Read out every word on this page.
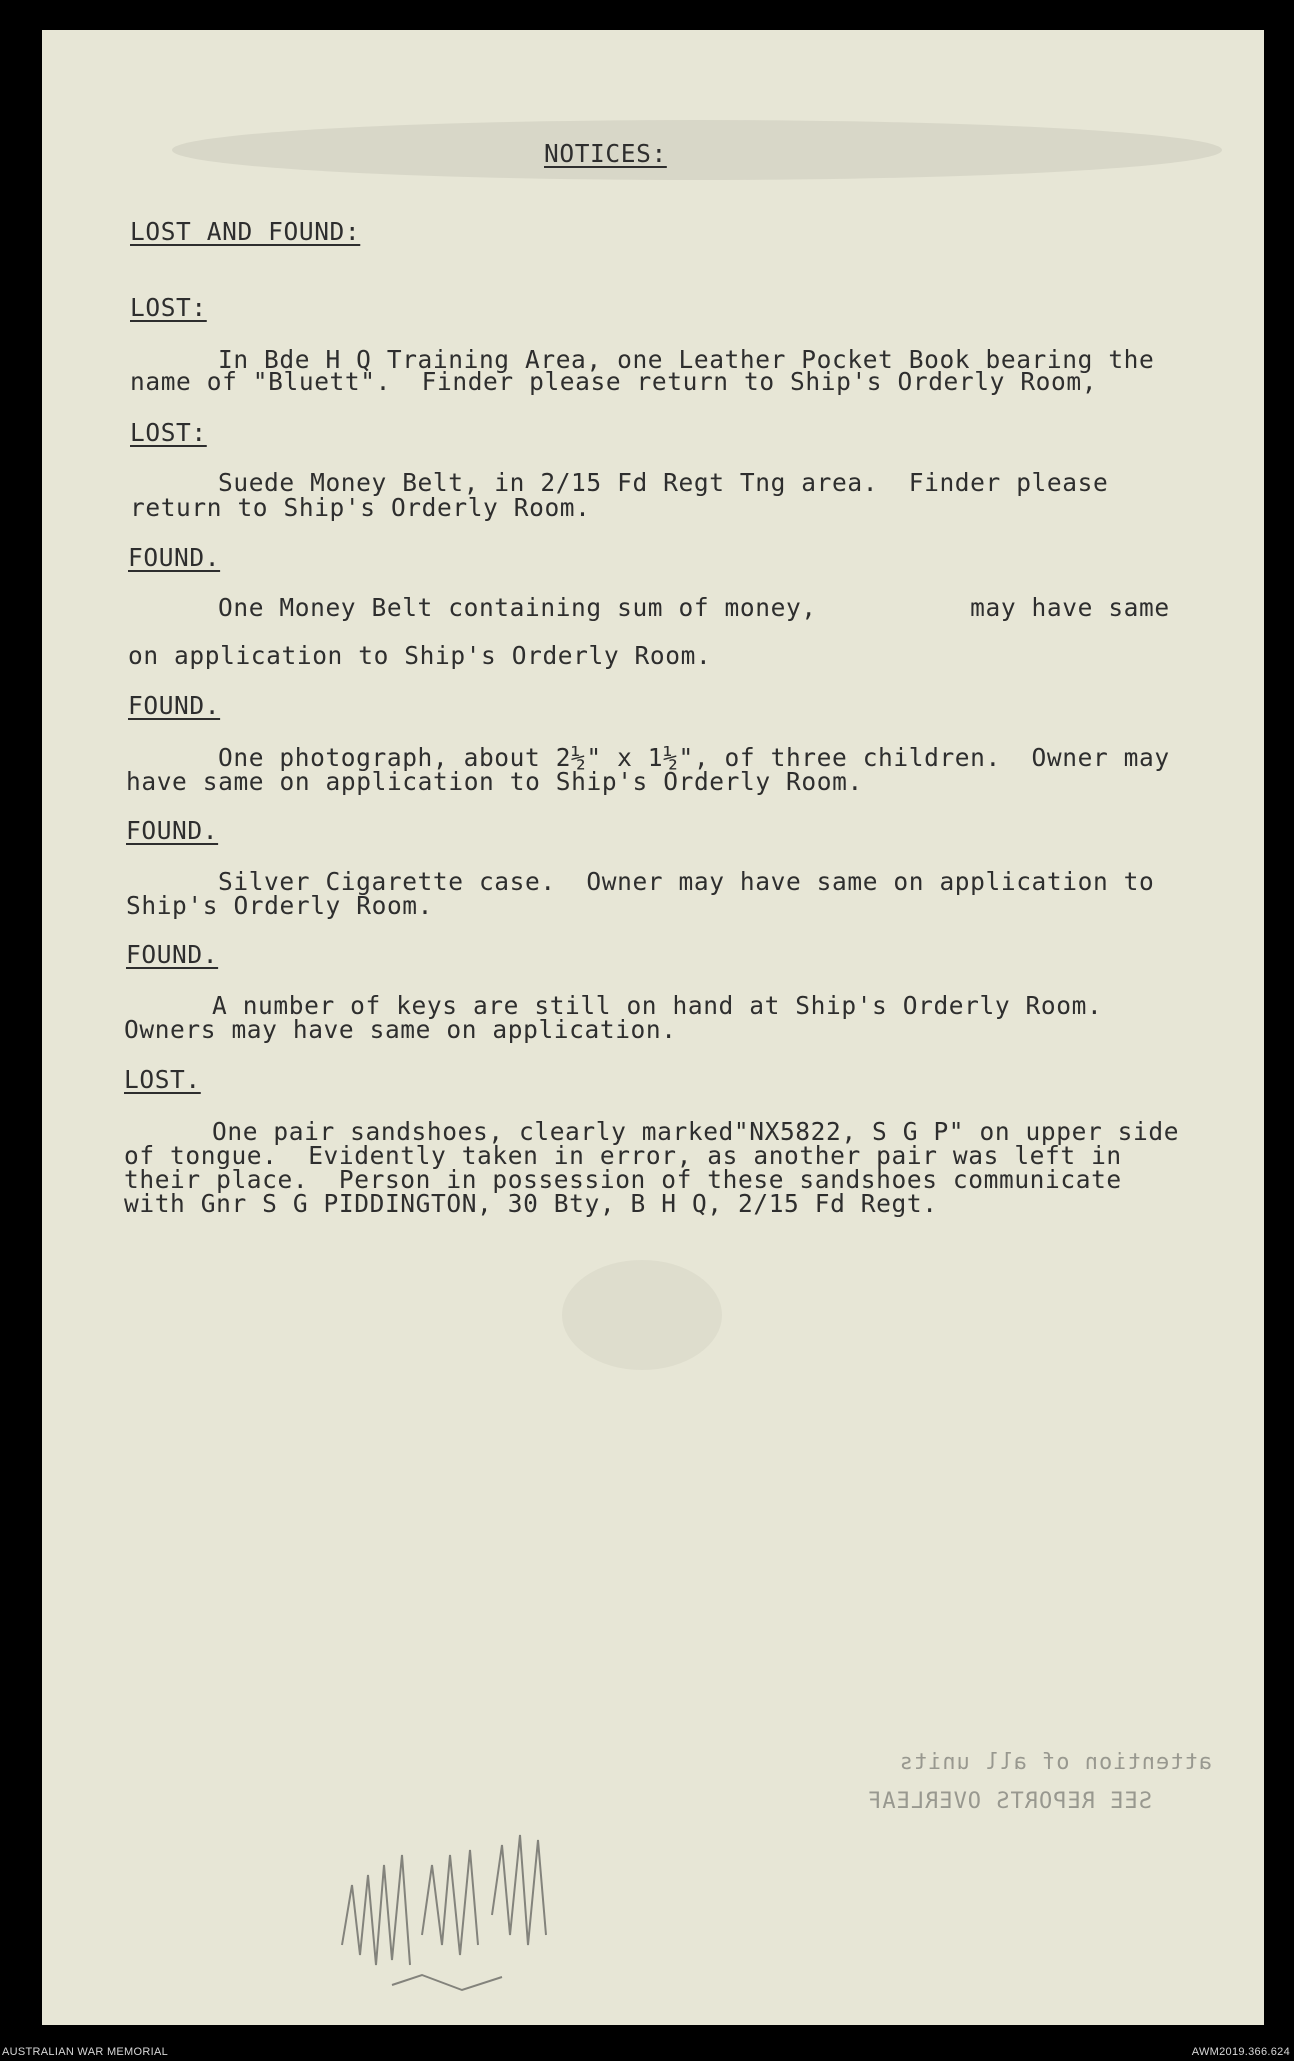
NOTICES:
LOST AND FOUND:
LOST:
In Bde H Q Training Area, one Leather Pocket Book bearing the
name of "Bluett".  Finder please return to Ship's Orderly Room,
LOST:
Suede Money Belt, in 2/15 Fd Regt Tng area.  Finder please
return to Ship's Orderly Room.
FOUND.
One Money Belt containing sum of money,          may have same
on application to Ship's Orderly Room.
FOUND.
One photograph, about 2½" x 1½", of three children.  Owner may
have same on application to Ship's Orderly Room.
FOUND.
Silver Cigarette case.  Owner may have same on application to
Ship's Orderly Room.
FOUND.
A number of keys are still on hand at Ship's Orderly Room.
Owners may have same on application.
LOST.
One pair sandshoes, clearly marked"NX5822, S G P" on upper side
of tongue.  Evidently taken in error, as another pair was left in
their place.  Person in possession of these sandshoes communicate
with Gnr S G PIDDINGTON, 30 Bty, B H Q, 2/15 Fd Regt.
attention of all units
SEE REPORTS OVERLEAF
AUSTRALIAN WAR MEMORIAL	AWM2019.366.624
